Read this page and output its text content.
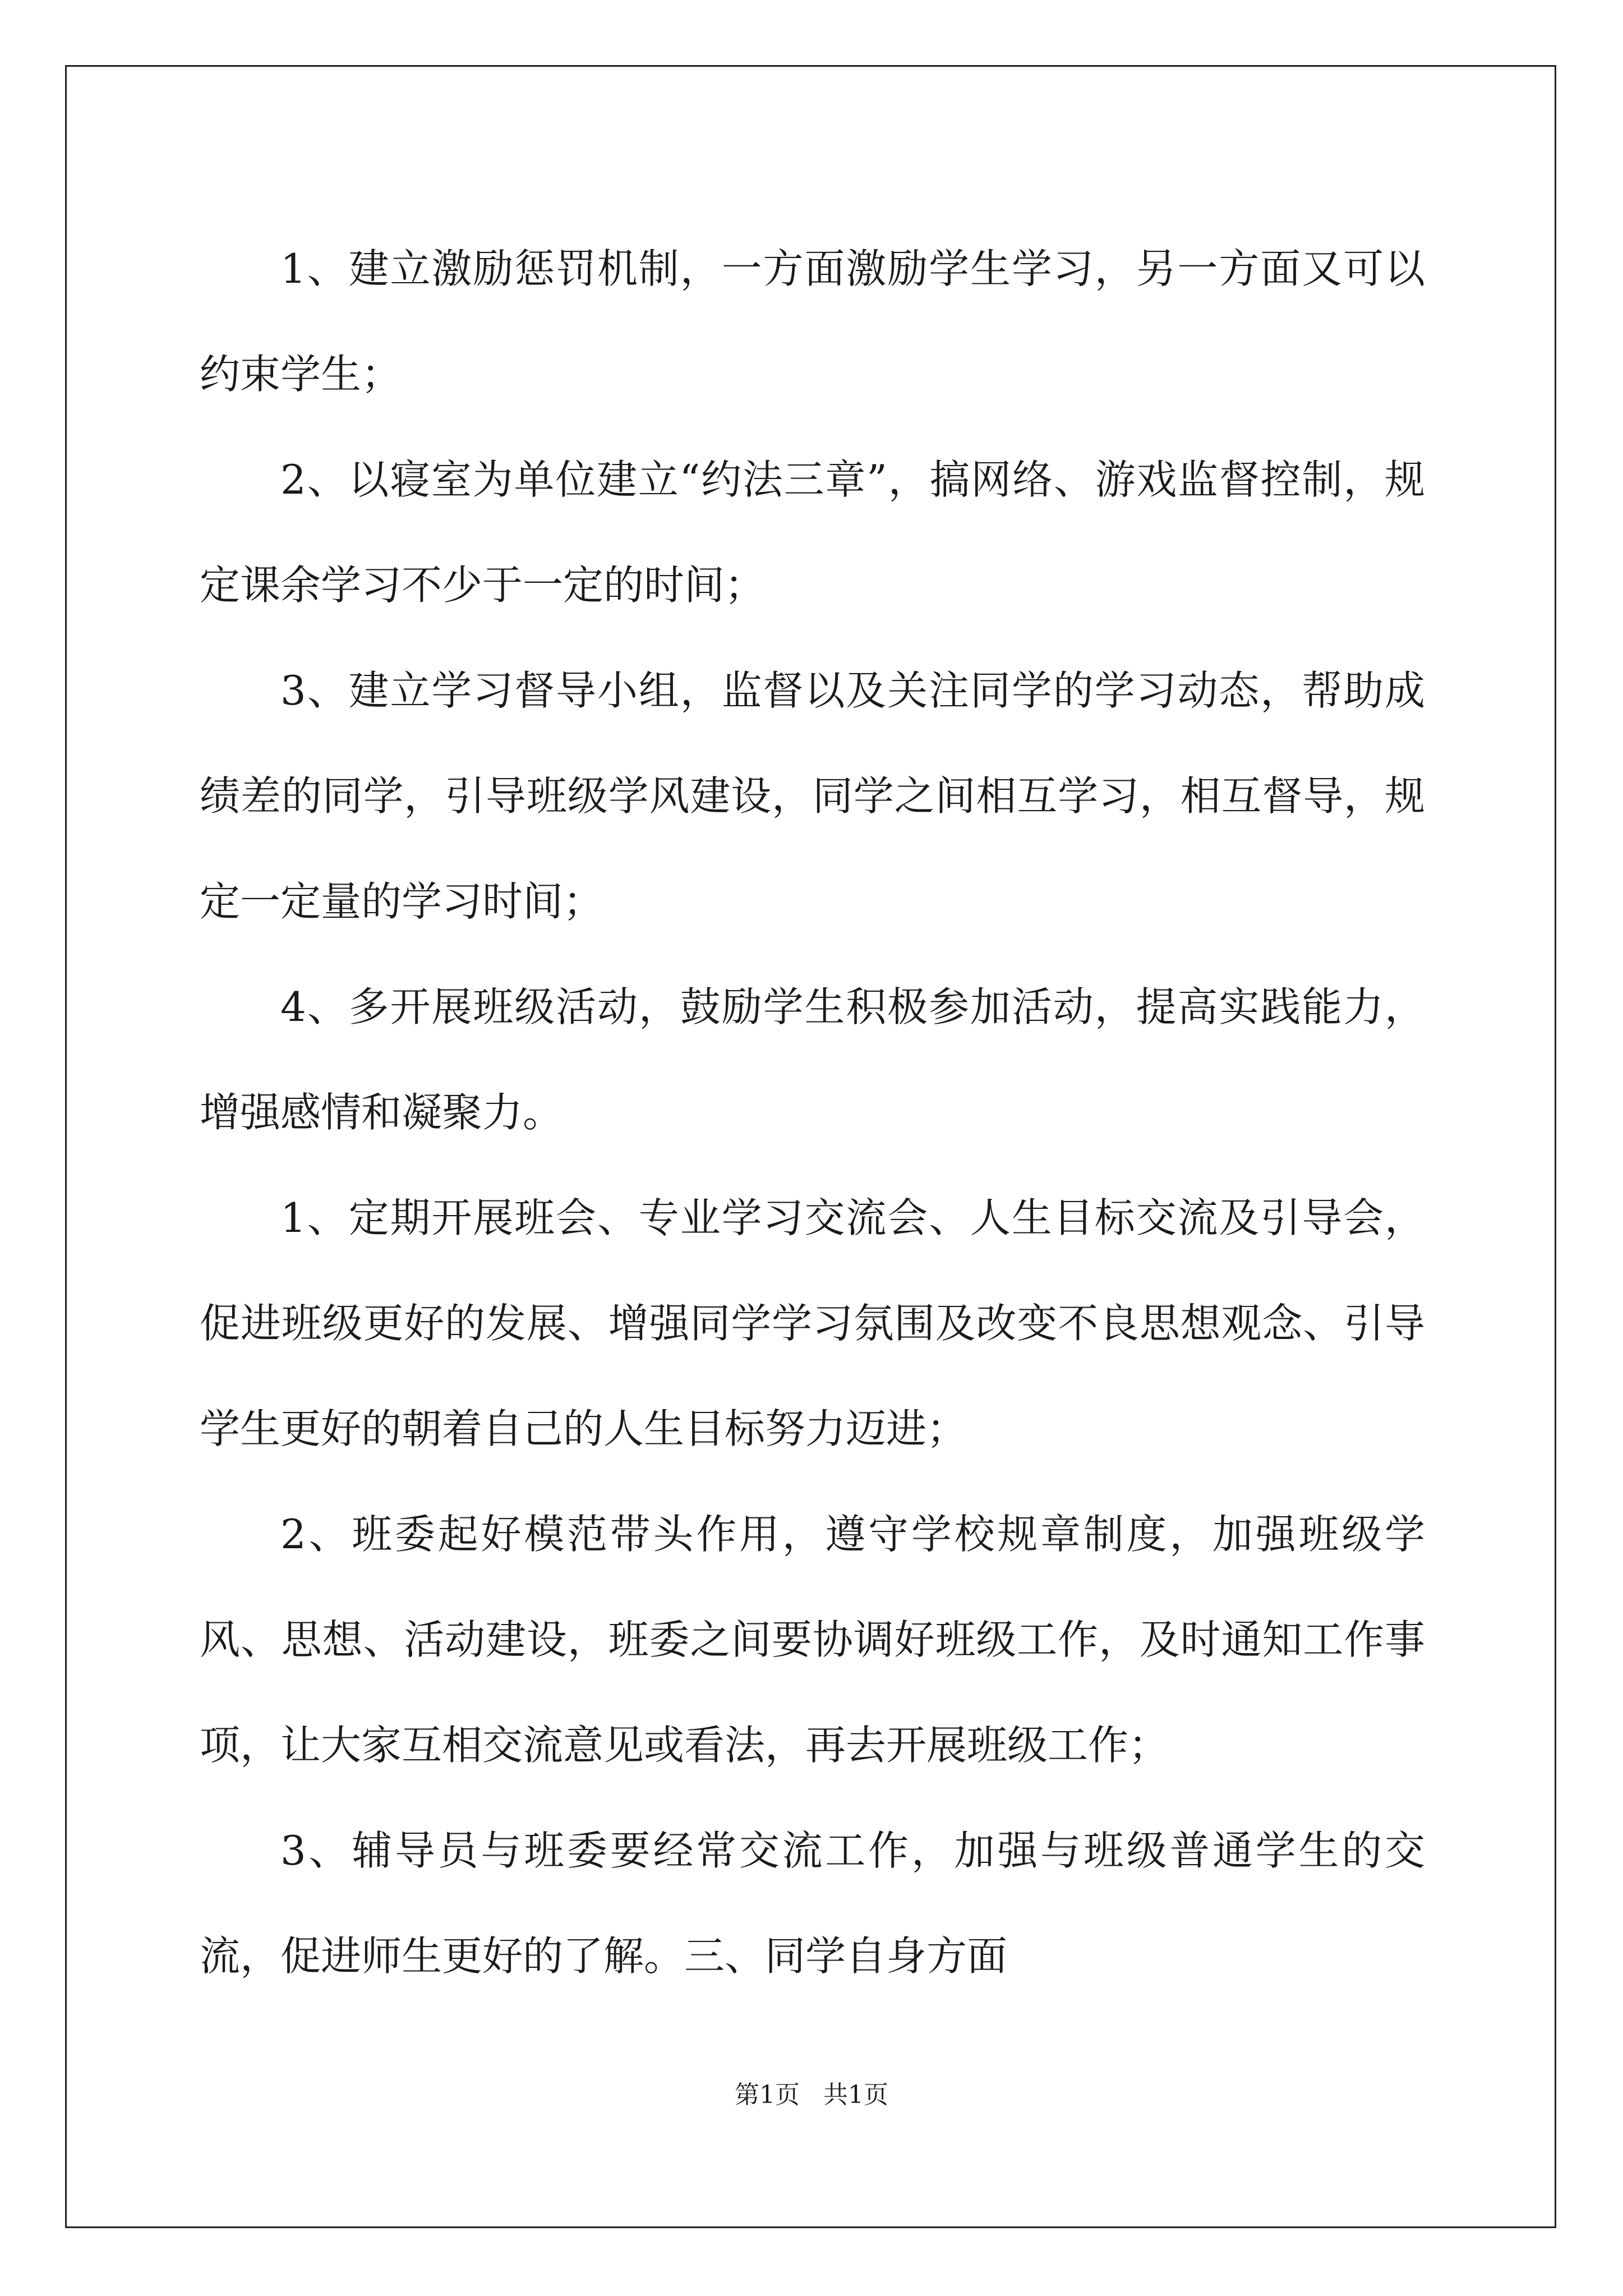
1、建立激励惩罚机制，一方面激励学生学习，另一方面又可以约束学生；

2、以寝室为单位建立“约法三章”，搞网络、游戏监督控制，规定课余学习不少于一定的时间；

3、建立学习督导小组，监督以及关注同学的学习动态，帮助成绩差的同学，引导班级学风建设，同学之间相互学习，相互督导，规定一定量的学习时间；

4、多开展班级活动，鼓励学生积极参加活动，提高实践能力，增强感情和凝聚力。

1、定期开展班会、专业学习交流会、人生目标交流及引导会，促进班级更好的发展、增强同学学习氛围及改变不良思想观念、引导学生更好的朝着自己的人生目标努力迈进；

2、班委起好模范带头作用，遵守学校规章制度，加强班级学风、思想、活动建设，班委之间要协调好班级工作，及时通知工作事项，让大家互相交流意见或看法，再去开展班级工作；

3、辅导员与班委要经常交流工作，加强与班级普通学生的交流，促进师生更好的了解。三、同学自身方面

第1页 共1页
